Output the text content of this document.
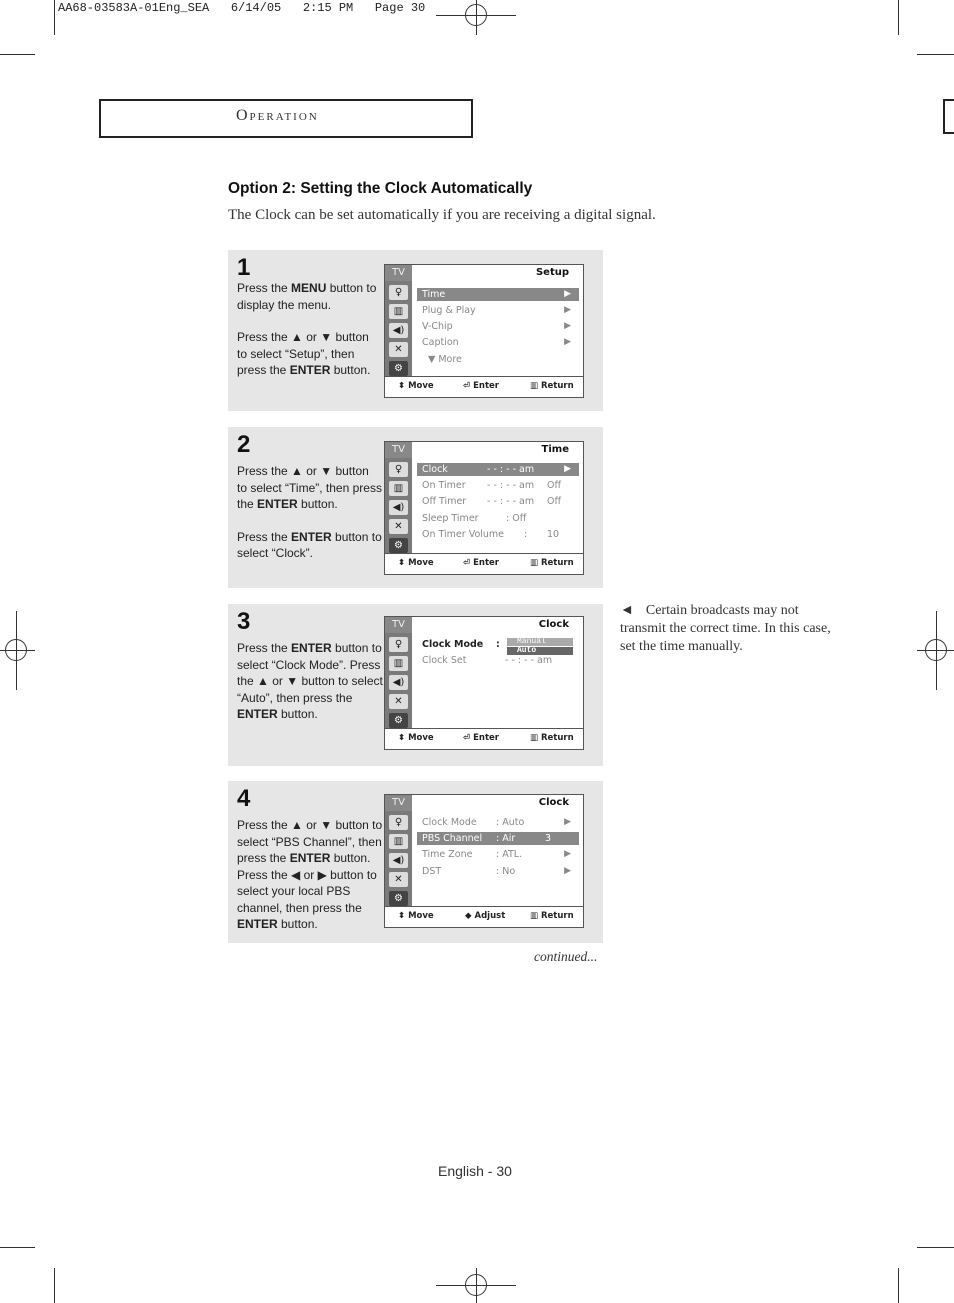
AA68-03583A-01Eng_SEA   6/14/05   2:15 PM   Page 30
Operation
Option 2: Setting the Clock Automatically
The Clock can be set automatically if you are receiving a digital signal.
1

Press the MENU button to display the menu.

Press the ▲ or ▼ button to select “Setup”, then press the ENTER button.

TV
♀
▥
◀)
✕
⚙
Setup
Time	▶
Plug & Play	▶
V-Chip	▶
Caption	▶
▼ More
⬍ Move	⏎ Enter	▥ Return
2

Press the ▲ or ▼ button to select “Time”, then press the ENTER button.

Press the ENTER button to select “Clock”.

TV
♀
▥
◀)
✕
⚙
Time
Clock	- - : - - am	▶
On Timer - - : - - am Off
Off Timer - - : - - am Off
Sleep Timer	: Off
On Timer Volume : 10
⬍ Move	⏎ Enter	▥ Return
3

Press the ENTER button to select “Clock Mode”. Press the ▲ or ▼ button to select “Auto”, then press the ENTER button.

TV
♀
▥
◀)
✕
⚙
Clock
Clock Mode :	Manual
Auto
Clock Set	- - : - - am
⬍ Move	⏎ Enter	▥ Return
4

Press the ▲ or ▼ button to select “PBS Channel”, then press the ENTER button. Press the ◀ or ▶ button to select your local PBS channel, then press the ENTER button.

TV
♀
▥
◀)
✕
⚙
Clock
Clock Mode : Auto	▶
PBS Channel : Air	3
Time Zone : ATL.	▶
DST	: No	▶
⬍ Move	◆ Adjust	▥ Return
◄ Certain broadcasts may not transmit the correct time. In this case, set the time manually.
continued...
English - 30
